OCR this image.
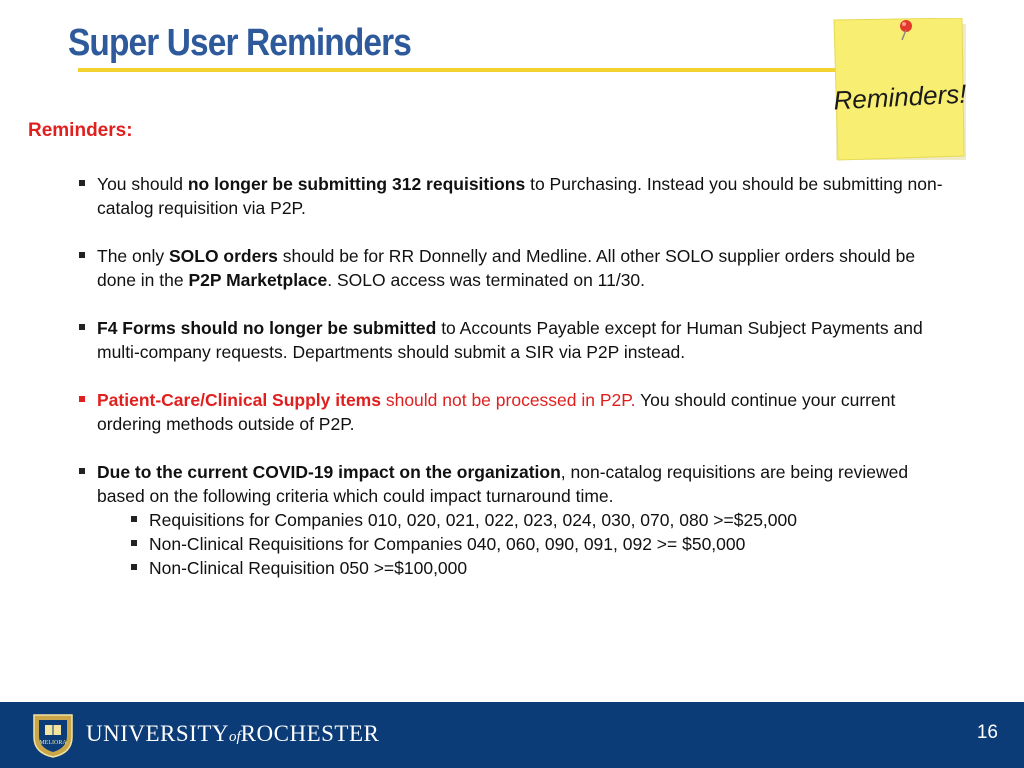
Super User Reminders
Reminders!
Reminders:
You should no longer be submitting 312 requisitions to Purchasing. Instead you should be submitting non-catalog requisition via P2P.
The only SOLO orders should be for RR Donnelly and Medline. All other SOLO supplier orders should be done in the P2P Marketplace. SOLO access was terminated on 11/30.
F4 Forms should no longer be submitted to Accounts Payable except for Human Subject Payments and multi-company requests. Departments should submit a SIR via P2P instead.
Patient-Care/Clinical Supply items should not be processed in P2P. You should continue your current ordering methods outside of P2P.
Due to the current COVID-19 impact on the organization, non-catalog requisitions are being reviewed based on the following criteria which could impact turnaround time.
Requisitions for Companies 010, 020, 021, 022, 023, 024, 030, 070, 080 >=$25,000
Non-Clinical Requisitions for Companies 040, 060, 090, 091, 092 >= $50,000
Non-Clinical Requisition 050 >=$100,000
MELIORA UNIVERSITYofROCHESTER	16
